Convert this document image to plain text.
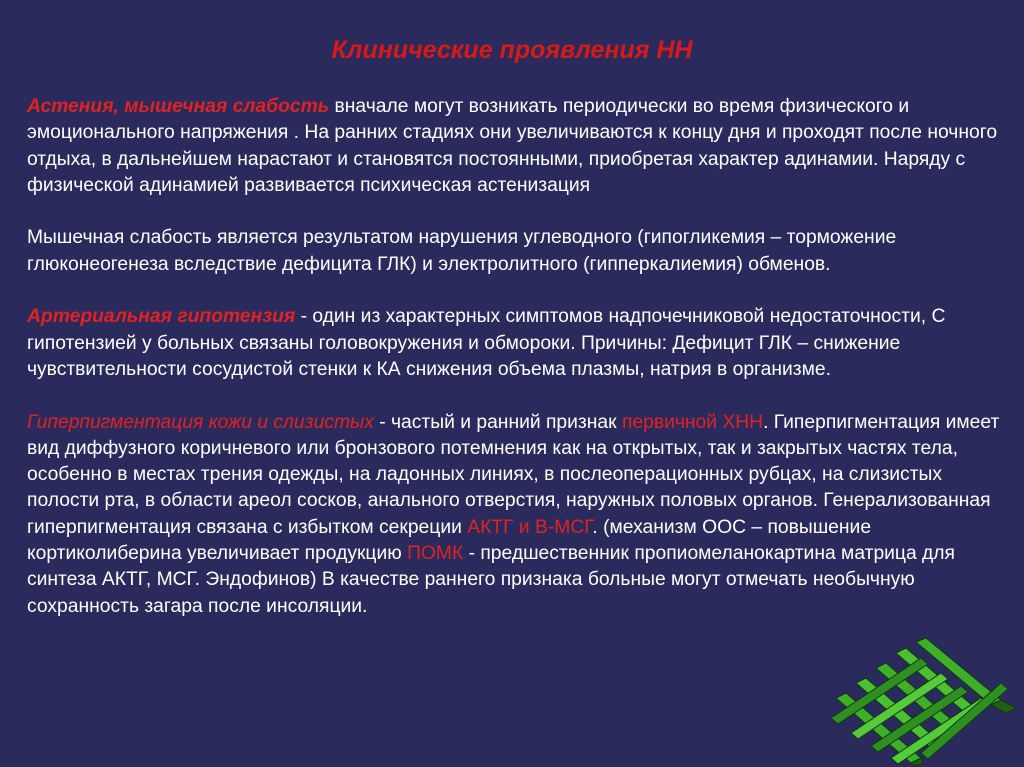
Клинические проявления НН

Астения, мышечная слабость вначале могут возникать периодически во время физического и эмоционального напряжения . На ранних стадиях они увеличиваются к концу дня и проходят после ночного отдыха, в дальнейшем нарастают и становятся постоянными, приобретая характер адинамии. Наряду с физической адинамией развивается психическая астенизация

Мышечная слабость является результатом нарушения углеводного (гипогликемия – торможение глюконеогенеза вследствие дефицита ГЛК) и электролитного (гипперкалиемия) обменов.

Артериальная гипотензия - один из характерных симптомов надпочечниковой недостаточности, С гипотензией у больных связаны головокружения и обмороки. Причины: Дефицит ГЛК – снижение чувствительности сосудистой стенки к КА снижения объема плазмы, натрия в организме.

Гиперпигментация кожи и слизистых - частый и ранний признак первичной ХНН. Гиперпигментация имеет вид диффузного коричневого или бронзового потемнения как на открытых, так и закрытых частях тела, особенно в местах трения одежды, на ладонных линиях, в послеоперационных рубцах, на слизистых полости рта, в области ареол сосков, анального отверстия, наружных половых органов. Генерализованная гиперпигментация связана с избытком секреции АКТГ и В-МСГ. (механизм ООС – повышение кортиколиберина увеличивает продукцию ПОМК - предшественник пропиомеланокартина матрица для синтеза АКТГ, МСГ. Эндофинов) В качестве раннего признака больные могут отмечать необычную сохранность загара после инсоляции.
